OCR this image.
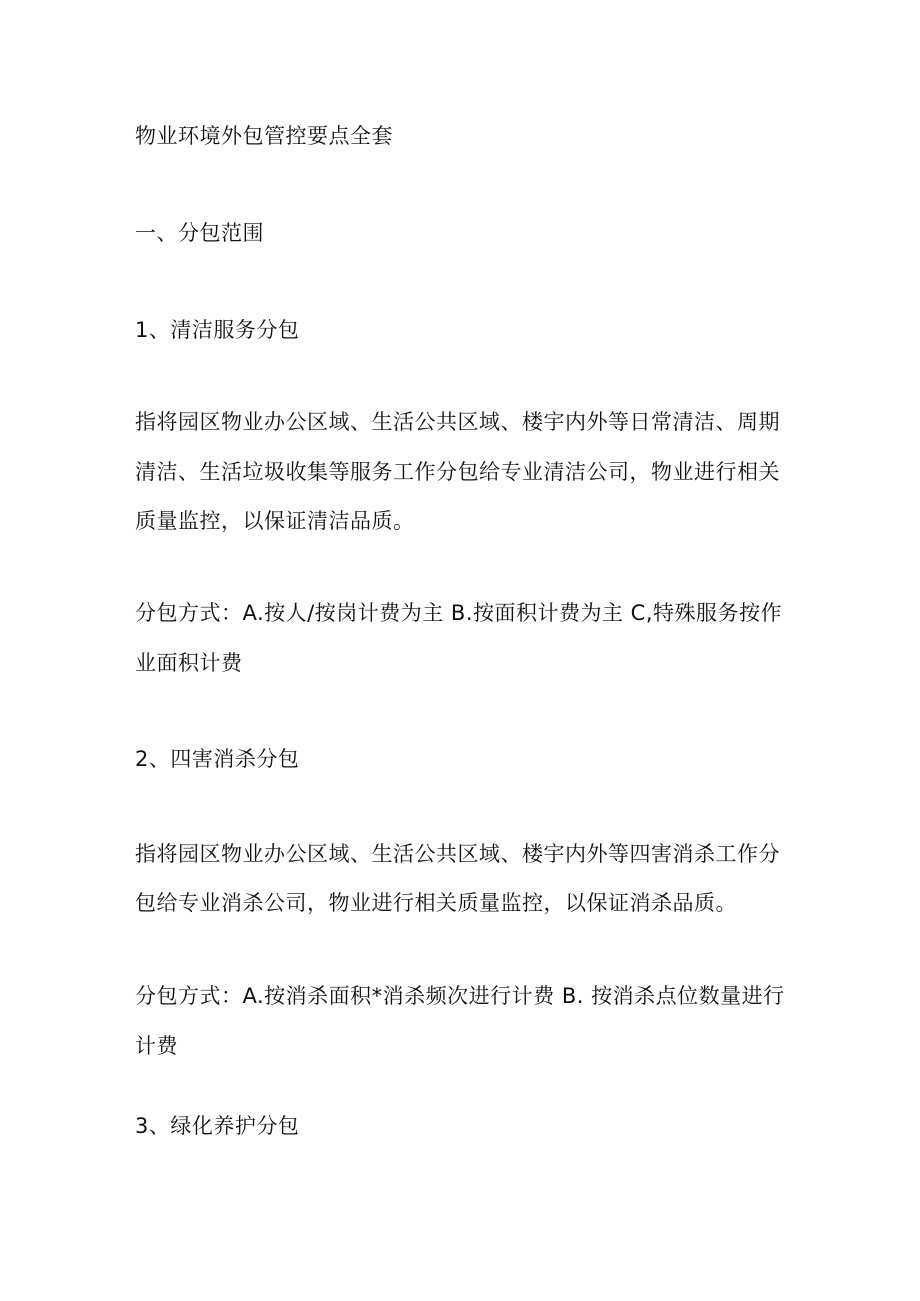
物业环境外包管控要点全套
一、分包范围
1、清洁服务分包
指将园区物业办公区域、生活公共区域、楼宇内外等日常清洁、周期
清洁、生活垃圾收集等服务工作分包给专业清洁公司，物业进行相关
质量监控，以保证清洁品质。
分包方式：A.按人/按岗计费为主 B.按面积计费为主 C,特殊服务按作
业面积计费
2、四害消杀分包
指将园区物业办公区域、生活公共区域、楼宇内外等四害消杀工作分
包给专业消杀公司，物业进行相关质量监控，以保证消杀品质。
分包方式：A.按消杀面积*消杀频次进行计费 B. 按消杀点位数量进行
计费
3、绿化养护分包
